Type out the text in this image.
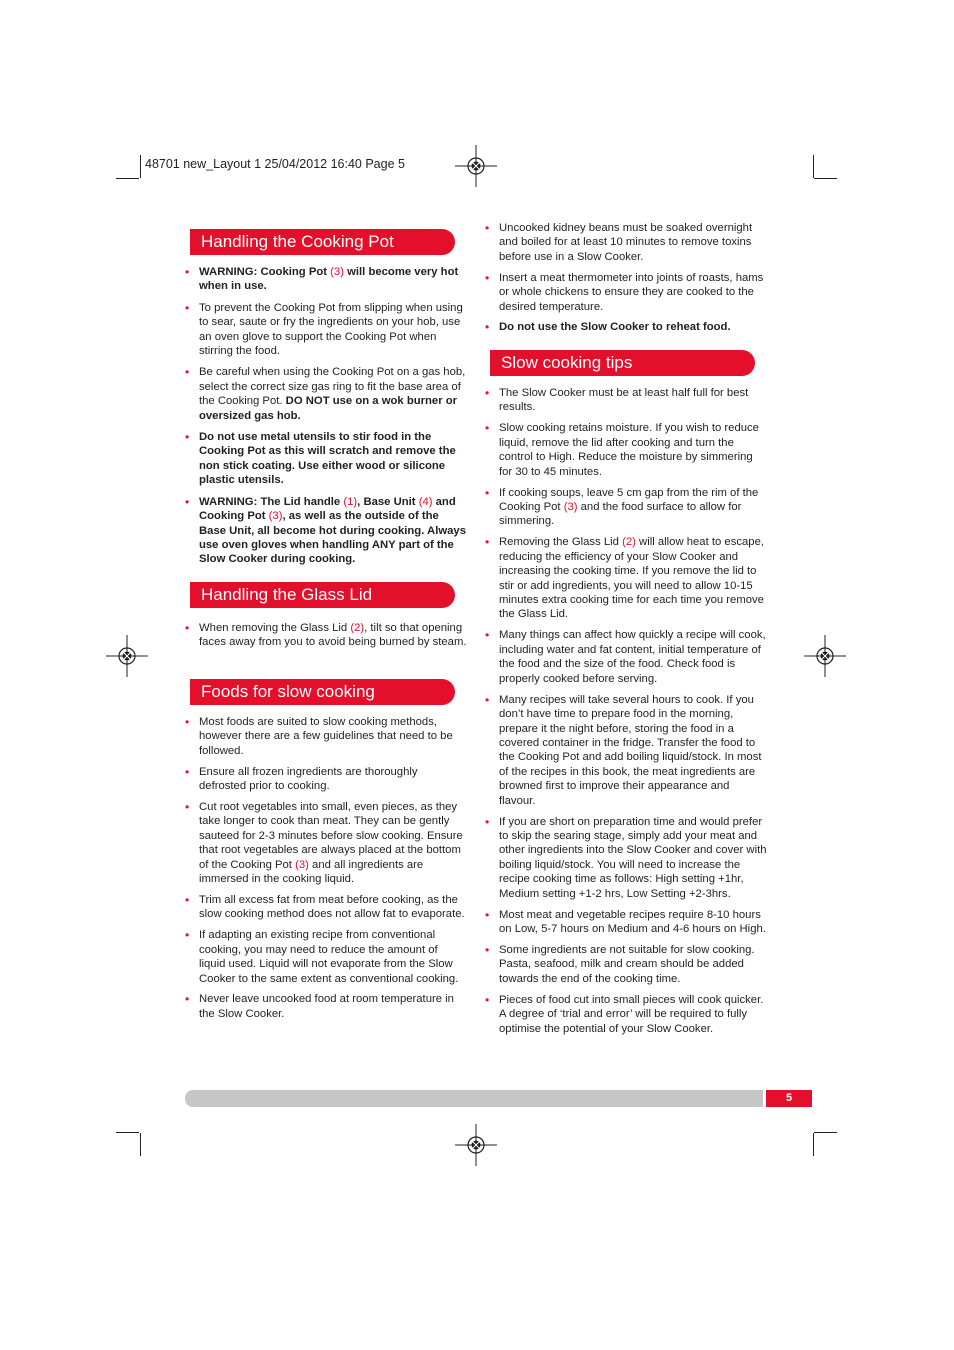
48701 new_Layout 1 25/04/2012 16:40 Page 5
Handling the Cooking Pot
• WARNING: Cooking Pot (3) will become very hot when in use.
• To prevent the Cooking Pot from slipping when using to sear, saute or fry the ingredients on your hob, use an oven glove to support the Cooking Pot when stirring the food.
• Be careful when using the Cooking Pot on a gas hob, select the correct size gas ring to fit the base area of the Cooking Pot. DO NOT use on a wok burner or oversized gas hob.
• Do not use metal utensils to stir food in the Cooking Pot as this will scratch and remove the non stick coating. Use either wood or silicone plastic utensils.
• WARNING: The Lid handle (1), Base Unit (4) and Cooking Pot (3), as well as the outside of the Base Unit, all become hot during cooking. Always use oven gloves when handling ANY part of the Slow Cooker during cooking.
Handling the Glass Lid
• When removing the Glass Lid (2), tilt so that opening faces away from you to avoid being burned by steam.
Foods for slow cooking
• Most foods are suited to slow cooking methods, however there are a few guidelines that need to be followed.
• Ensure all frozen ingredients are thoroughly defrosted prior to cooking.
• Cut root vegetables into small, even pieces, as they take longer to cook than meat. They can be gently sauteed for 2-3 minutes before slow cooking. Ensure that root vegetables are always placed at the bottom of the Cooking Pot (3) and all ingredients are immersed in the cooking liquid.
• Trim all excess fat from meat before cooking, as the slow cooking method does not allow fat to evaporate.
• If adapting an existing recipe from conventional cooking, you may need to reduce the amount of liquid used. Liquid will not evaporate from the Slow Cooker to the same extent as conventional cooking.
• Never leave uncooked food at room temperature in the Slow Cooker.
• Uncooked kidney beans must be soaked overnight and boiled for at least 10 minutes to remove toxins before use in a Slow Cooker.
• Insert a meat thermometer into joints of roasts, hams or whole chickens to ensure they are cooked to the desired temperature.
• Do not use the Slow Cooker to reheat food.
Slow cooking tips
• The Slow Cooker must be at least half full for best results.
• Slow cooking retains moisture. If you wish to reduce liquid, remove the lid after cooking and turn the control to High. Reduce the moisture by simmering for 30 to 45 minutes.
• If cooking soups, leave 5 cm gap from the rim of the Cooking Pot (3) and the food surface to allow for simmering.
• Removing the Glass Lid (2) will allow heat to escape, reducing the efficiency of your Slow Cooker and increasing the cooking time. If you remove the lid to stir or add ingredients, you will need to allow 10-15 minutes extra cooking time for each time you remove the Glass Lid.
• Many things can affect how quickly a recipe will cook, including water and fat content, initial temperature of the food and the size of the food. Check food is properly cooked before serving.
• Many recipes will take several hours to cook. If you don’t have time to prepare food in the morning, prepare it the night before, storing the food in a covered container in the fridge. Transfer the food to the Cooking Pot and add boiling liquid/stock. In most of the recipes in this book, the meat ingredients are browned first to improve their appearance and flavour.
• If you are short on preparation time and would prefer to skip the searing stage, simply add your meat and other ingredients into the Slow Cooker and cover with boiling liquid/stock. You will need to increase the recipe cooking time as follows: High setting +1hr, Medium setting +1-2 hrs, Low Setting +2-3hrs.
• Most meat and vegetable recipes require 8-10 hours on Low, 5-7 hours on Medium and 4-6 hours on High.
• Some ingredients are not suitable for slow cooking. Pasta, seafood, milk and cream should be added towards the end of the cooking time.
• Pieces of food cut into small pieces will cook quicker. A degree of ‘trial and error’ will be required to fully optimise the potential of your Slow Cooker.
5
